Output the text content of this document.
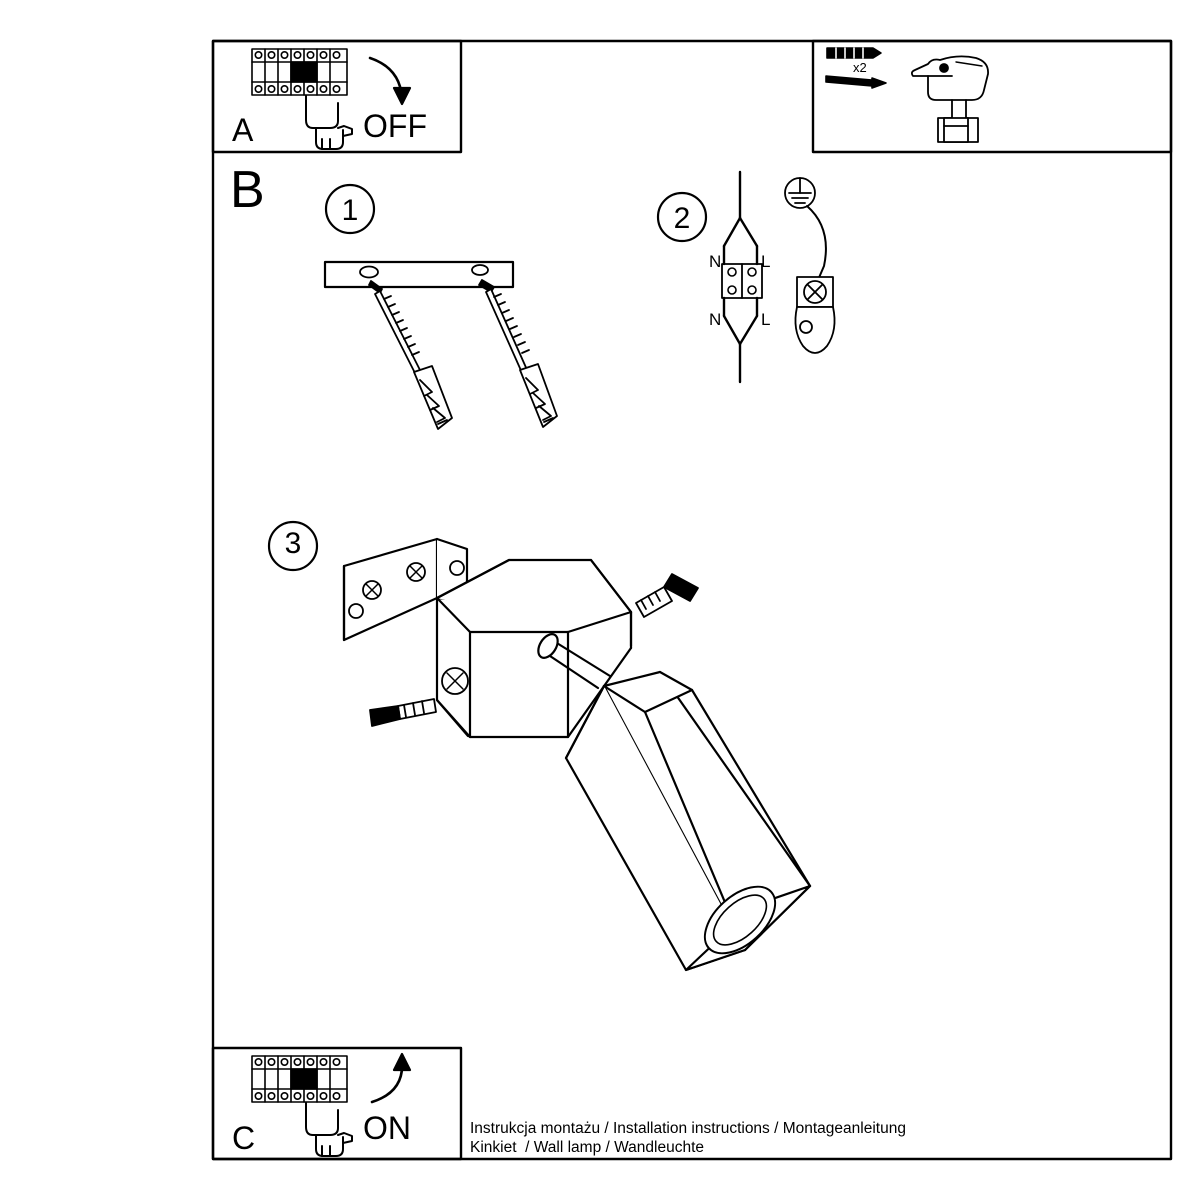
A	OFF
B	1	2
3
N L
N L
x2
C	ON	Instrukcja montażu / Installation instructions / Montageanleitung
Kinkiet  / Wall lamp / Wandleuchte
